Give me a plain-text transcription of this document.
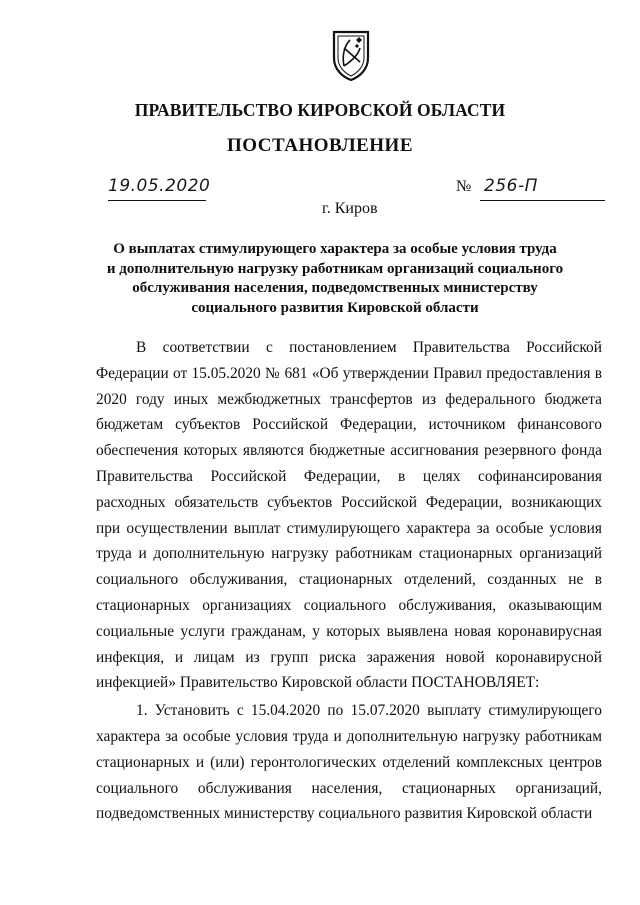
ПРАВИТЕЛЬСТВО КИРОВСКОЙ ОБЛАСТИ
ПОСТАНОВЛЕНИЕ
19.05.2020	№ 256-П
г. Киров
О выплатах стимулирующего характера за особые условия труда
и дополнительную нагрузку работникам организаций социального
обслуживания населения, подведомственных министерству
социального развития Кировской области

В соответствии с постановлением Правительства Российской Федерации от 15.05.2020 № 681 «Об утверждении Правил предоставления в 2020 году иных межбюджетных трансфертов из федерального бюджета бюджетам субъектов Российской Федерации, источником финансового обеспечения которых являются бюджетные ассигнования резервного фонда Правительства Российской Федерации, в целях софинансирования расходных обязательств субъектов Российской Федерации, возникающих при осуществлении выплат стимулирующего характера за особые условия труда и дополнительную нагрузку работникам стационарных организаций социального обслуживания, стационарных отделений, созданных не в стационарных организациях социального обслуживания, оказывающим социальные услуги гражданам, у которых выявлена новая коронавирусная инфекция, и лицам из групп риска заражения новой коронавирусной инфекцией» Правительство Кировской области ПОСТАНОВЛЯЕТ:

1. Установить с 15.04.2020 по 15.07.2020 выплату стимулирующего характера за особые условия труда и дополнительную нагрузку работникам стационарных и (или) геронтологических отделений комплексных центров социального обслуживания населения, стационарных организаций, подведомственных министерству социального развития Кировской области
